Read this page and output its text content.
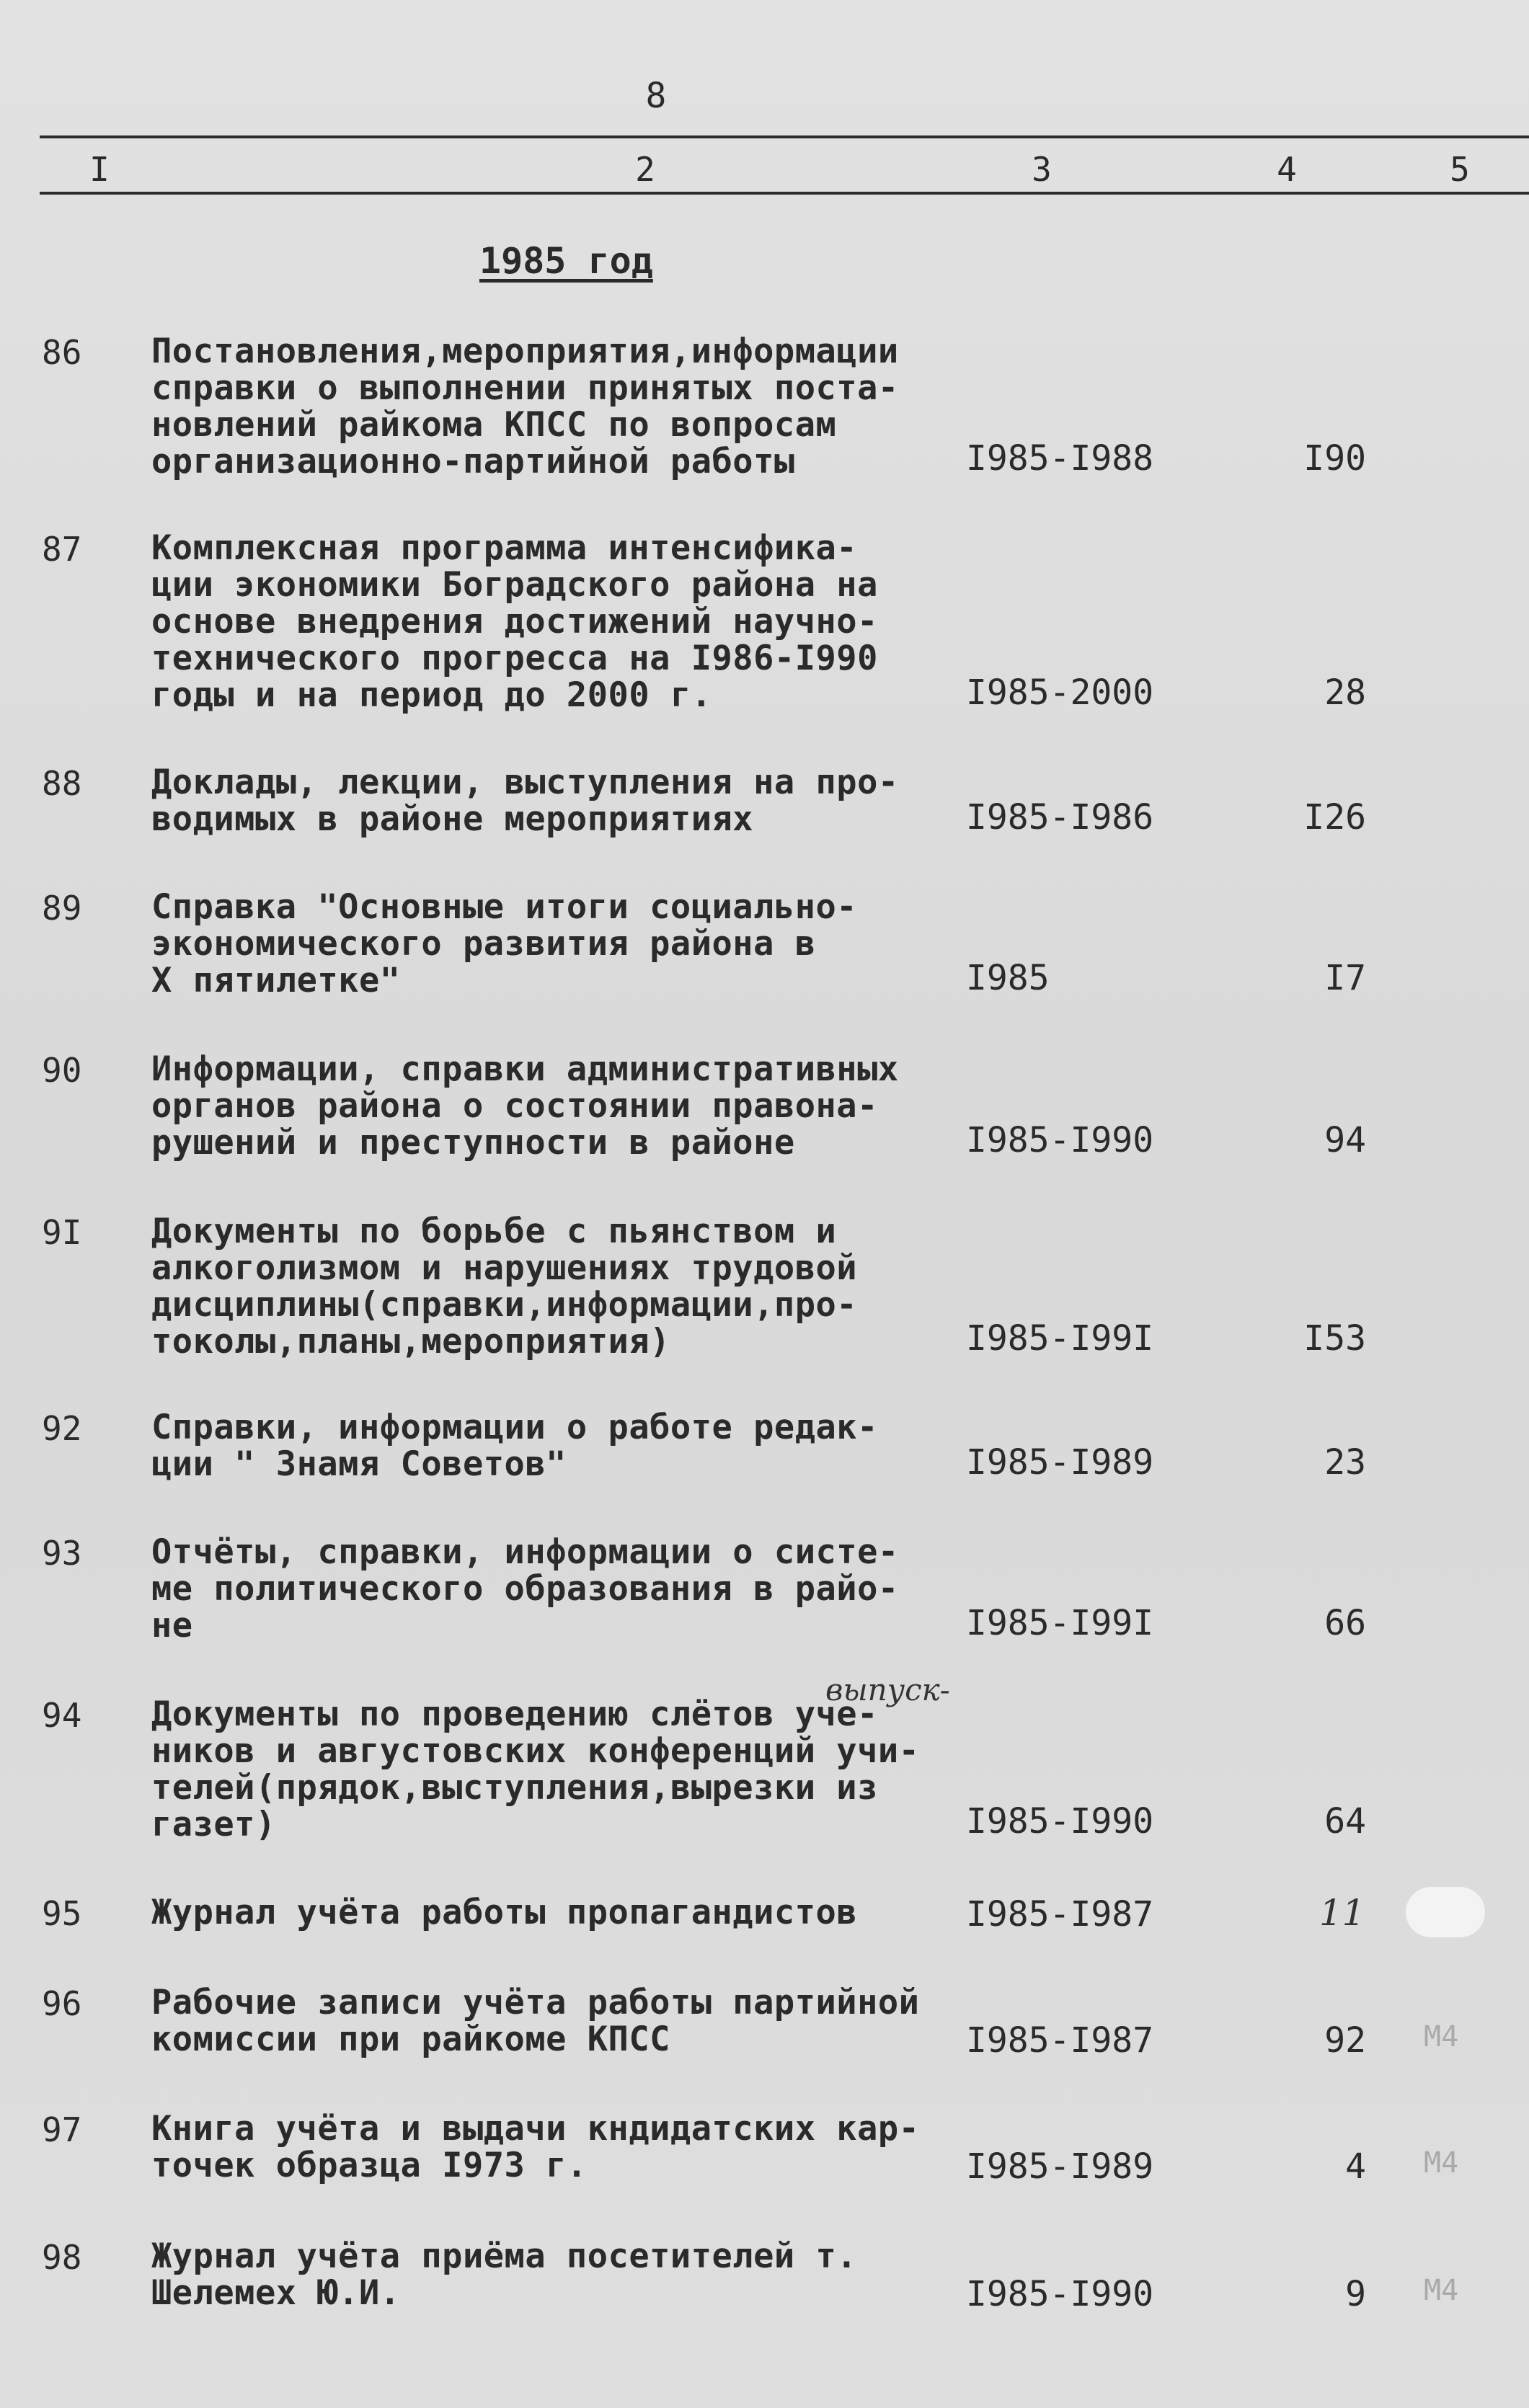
8
I	2	3	4	5
1985 год
86	Постановления,мероприятия,информации
справки о выполнении принятых поста-
новлений райкома КПСС по вопросам
организационно-партийной работы	I985-I988	I90
87	Комплексная программа интенсифика-
ции экономики Боградского района на
основе внедрения достижений научно-
технического прогресса на I986-I990
годы и на период до 2000 г.	I985-2000	28
88	Доклады, лекции, выступления на про-
водимых в районе мероприятиях	I985-I986	I26
89	Справка "Основные итоги социально-
экономического развития района в
X пятилетке"	I985	I7
90	Информации, справки административных
органов района о состоянии правона-
рушений и преступности в районе	I985-I990	94
9I	Документы по борьбе с пьянством и
алкоголизмом и нарушениях трудовой
дисциплины(справки,информации,про-
токолы,планы,мероприятия)	I985-I99I	I53
92	Справки, информации о работе редак-
ции " Знамя Советов"	I985-I989	23
93	Отчёты, справки, информации о систе-
ме политического образования в райо-
не	I985-I99I	66
выпуск-
94	Документы по проведению слётов уче-
ников и августовских конференций учи-
телей(прядок,выступления,вырезки из
газет)	I985-I990	64
95	Журнал учёта работы пропагандистов	I985-I987	11
96	Рабочие записи учёта работы партийной
комиссии при райкоме КПСС	I985-I987	92 М4
97	Книга учёта и выдачи кндидатских кар-
точек образца I973 г.	I985-I989	4 М4
98	Журнал учёта приёма посетителей т.
Шелемех Ю.И.	I985-I990	9 М4
